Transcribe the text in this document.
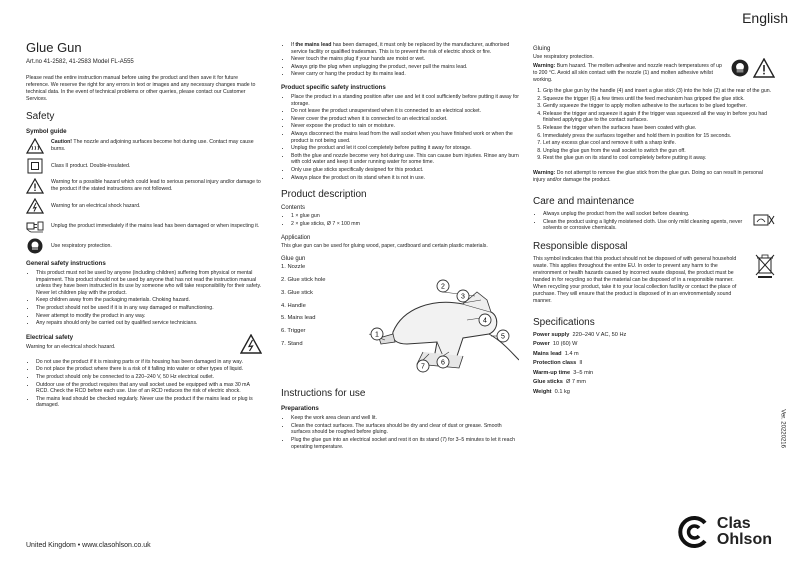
English
Glue Gun
Art.no 41-2582, 41-2583 Model FL-A555

Please read the entire instruction manual before using the product and then save it for future reference. We reserve the right for any errors in text or images and any necessary changes made to technical data. In the event of technical problems or other queries, please contact our Customer Services.

Safety
Symbol guide
Caution! The nozzle and adjoining surfaces become hot during use. Contact may cause burns.
Class II product. Double-insulated.
Warning for a possible hazard which could lead to serious personal injury and/or damage to the product if the stated instructions are not followed.
Warning for an electrical shock hazard.
Unplug the product immediately if the mains lead has been damaged or when inspecting it.
Use respiratory protection.
General safety instructions
• This product must not be used by anyone (including children) suffering from physical or mental impairment. This product should not be used by anyone that has not read the instruction manual unless they have been instructed in its use by someone who will take responsibility for their safety. Never let children play with the product.
• Keep children away from the packaging materials. Choking hazard.
• The product should not be used if it is in any way damaged or malfunctioning.
• Never attempt to modify the product in any way.
• Any repairs should only be carried out by qualified service technicians.
Electrical safety

Warning for an electrical shock hazard.

• Do not use the product if it is missing parts or if its housing has been damaged in any way.
• Do not place the product where there is a risk of it falling into water or other types of liquid.
• The product should only be connected to a 220–240 V, 50 Hz electrical outlet.
• Outdoor use of the product requires that any wall socket used be equipped with a max 30 mA RCD. Check the RCD before each use. Use of an RCD reduces the risk of electric shock.
• The mains lead should be checked regularly. Never use the product if the mains lead or plug is damaged.
• If the mains lead has been damaged, it must only be replaced by the manufacturer, authorised service facility or qualified tradesman. This is to prevent the risk of electric shock or fire.
• Never touch the mains plug if your hands are moist or wet.
• Always grip the plug when unplugging the product, never pull the mains lead.
• Never carry or hang the product by its mains lead.
Product specific safety instructions
• Place the product in a standing position after use and let it cool sufficiently before putting it away for storage.
• Do not leave the product unsupervised when it is connected to an electrical socket.
• Never cover the product when it is connected to an electrical socket.
• Never expose the product to rain or moisture.
• Always disconnect the mains lead from the wall socket when you have finished work or when the product is not being used.
• Unplug the product and let it cool completely before putting it away for storage.
• Both the glue and nozzle become very hot during use. This can cause burn injuries. Rinse any burn with cold water and keep it under running water for some time.
• Only use glue sticks specifically designed for this product.
• Always place the product on its stand when it is not in use.
Product description
Contents
• 1 × glue gun
• 2 × glue sticks, Ø 7 × 100 mm
Application

This glue gun can be used for gluing wood, paper, cardboard and certain plastic materials.

Glue gun
1. Nozzle
2. Glue stick hole
3. Glue stick
4. Handle
5. Mains lead
6. Trigger
7. Stand
1
2
3
4
5
6
7
Instructions for use
Preparations
• Keep the work area clean and well lit.
• Clean the contact surfaces. The surfaces should be dry and clear of dust or grease. Smooth surfaces should be roughed before gluing.
• Plug the glue gun into an electrical socket and rest it on its stand (7) for 3–5 minutes to let it reach operating temperature.
Gluing

Use respiratory protection.

Warning: Burn hazard. The molten adhesive and nozzle reach temperatures of up to 200 °C. Avoid all skin contact with the nozzle (1) and molten adhesive whilst working.

1. Grip the glue gun by the handle (4) and insert a glue stick (3) into the hole (2) at the rear of the gun.
2. Squeeze the trigger (6) a few times until the feed mechanism has gripped the glue stick.
3. Gently squeeze the trigger to apply molten adhesive to the surfaces to be glued together.
4. Release the trigger and squeeze it again if the trigger was squeezed all the way in before you had finished applying glue to the contact surfaces.
5. Release the trigger when the surfaces have been coated with glue.
6. Immediately press the surfaces together and hold them in position for 15 seconds.
7. Let any excess glue cool and remove it with a sharp knife.
8. Unplug the glue gun from the wall socket to switch the gun off.
9. Rest the glue gun on its stand to cool completely before putting it away.

Warning: Do not attempt to remove the glue stick from the glue gun. Doing so can result in personal injury and/or damage the product.

Care and maintenance
• Always unplug the product from the wall socket before cleaning.
• Clean the product using a lightly moistened cloth. Use only mild cleaning agents, never solvents or corrosive chemicals.
Responsible disposal

This symbol indicates that this product should not be disposed of with general household waste. This applies throughout the entire EU. In order to prevent any harm to the environment or health hazards caused by incorrect waste disposal, the product must be handed in for recycling so that the material can be disposed of in a responsible manner. When recycling your product, take it to your local collection facility or contact the place of purchase. They will ensure that the product is disposed of in an environmentally sound manner.

Specifications
Power supply 220–240 V AC, 50 Hz
Power 10 (60) W
Mains lead 1.4 m
Protection class II
Warm-up time 3–5 min
Glue sticks Ø 7 mm
Weight 0.1 kg
United Kingdom • www.clasohlson.co.uk
Ver. 20220216
Clas
Ohlson
